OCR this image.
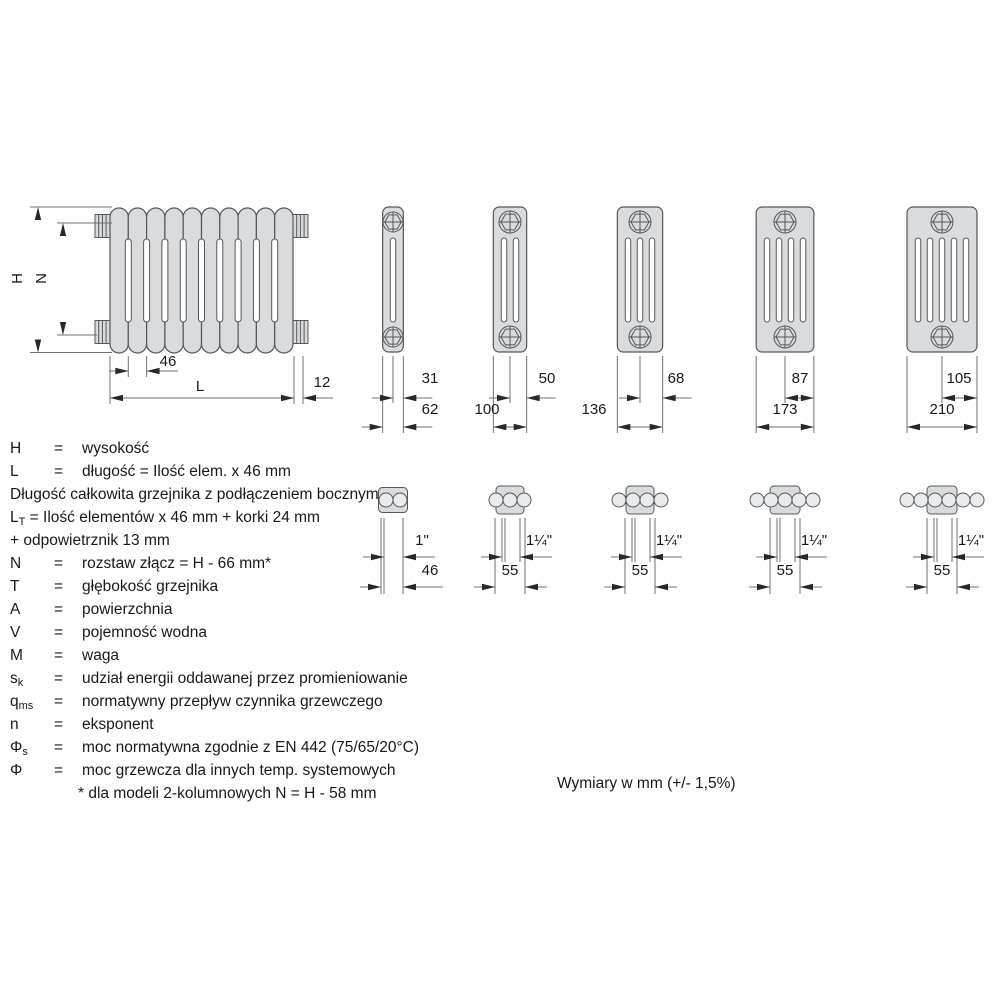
H N
46
L	12	31	50	68	87	105
62 100	136	173	210
1"	1¼"	1¼"	1¼"	1¼"
46	55	55	55	55
H = wysokość
L = długość = Ilość elem. x 46 mm
Długość całkowita grzejnika z podłączeniem bocznym
LT = Ilość elementów x 46 mm + korki 24 mm
+ odpowietrznik 13 mm
N = rozstaw złącz = H - 66 mm*
T = głębokość grzejnika
A = powierzchnia
V = pojemność wodna
M = waga
sk = udział energii oddawanej przez promieniowanie
qms = normatywny przepływ czynnika grzewczego
n = eksponent
Φs = moc normatywna zgodnie z EN 442 (75/65/20°C)
Φ = moc grzewcza dla innych temp. systemowych
* dla modeli 2-kolumnowych N = H - 58 mm
Wymiary w mm (+/- 1,5%)
